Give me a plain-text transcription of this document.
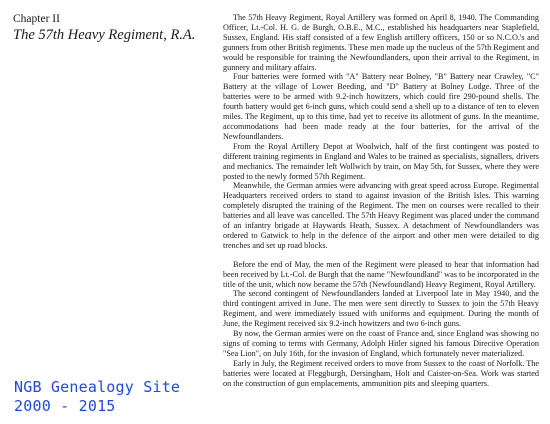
Chapter II
The 57th Heavy Regiment, R.A.

The 57th Heavy Regiment, Royal Artillery was formed on April 8, 1940. The Commanding Officer, Lt.-Col. H. G. de Burgh, O.B.E., M.C., established his headquarters near Staplefield, Sussex, England. His staff consisted of a few English artillery officers, 150 or so N.C.O.'s and gunners from other British regiments. These men made up the nucleus of the 57th Regiment and would be responsible for training the Newfoundlanders, upon their arrival to the Regiment, in gunnery and military affairs.

Four batteries were formed with "A" Battery near Bolney, "B" Battery near Crawley, "C" Battery at the village of Lower Beeding, and "D" Battery at Bolney Lodge. Three of the batteries were to be armed with 9.2-inch howitzers, which could fire 290-pound shells. The fourth battery would get 6-inch guns, which could send a shell up to a distance of ten to eleven miles. The Regiment, up to this time, had yet to receive its allotment of guns. In the meantime, accommodations had been made ready at the four batteries, for the arrival of the Newfoundlanders.

From the Royal Artillery Depot at Woolwich, half of the first contingent was posted to different training regiments in England and Wales to be trained as specialists, signallers, drivers and mechanics. The remainder left Wollwich by train, on May 5th, for Sussex, where they were posted to the newly formed 57th Regiment.

Meanwhile, the German armies were advancing with great speed across Europe. Regimental Headquarters received orders to stand to against invasion of the British Isles. This warning completely disrupted the training of the Regiment. The men on courses were recalled to their batteries and all leave was cancelled. The 57th Heavy Regiment was placed under the command of an infantry brigade at Haywards Heath, Sussex. A detachment of Newfoundlanders was ordered to Gatwick to help in the defence of the airport and other men were detailed to dig trenches and set up road blocks.

Before the end of May, the men of the Regiment were pleased to hear that information had been received by Lt.-Col. de Burgh that the name "Newfoundland" was to be incorporated in the title of the unit, which now became the 57th (Newfoundland) Heavy Regiment, Royal Artillery.

The second contingent of Newfoundlanders landed at Liverpool late in May 1940, and the third contingent arrived in June. The men were sent directly to Sussex to join the 57th Heavy Regiment, and were immediately issued with uniforms and equipment. During the month of June, the Regiment received six 9.2-inch howitzers and two 6-inch guns.

By now, the German armies were on the coast of France and, since England was showing no signs of coming to terms with Germany, Adolph Hitler signed his famous Directive Operation "Sea Lion", on July 16th, for the invasion of England, which fortunately never materialized.

Early in July, the Regiment received orders to move from Sussex to the coast of Norfolk. The batteries were located at Fleggburgh, Dersingham, Holt and Caister-on-Sea. Work was started on the construction of gun emplacements, ammunition pits and sleeping quarters.

NGB Genealogy Site
2000 - 2015
